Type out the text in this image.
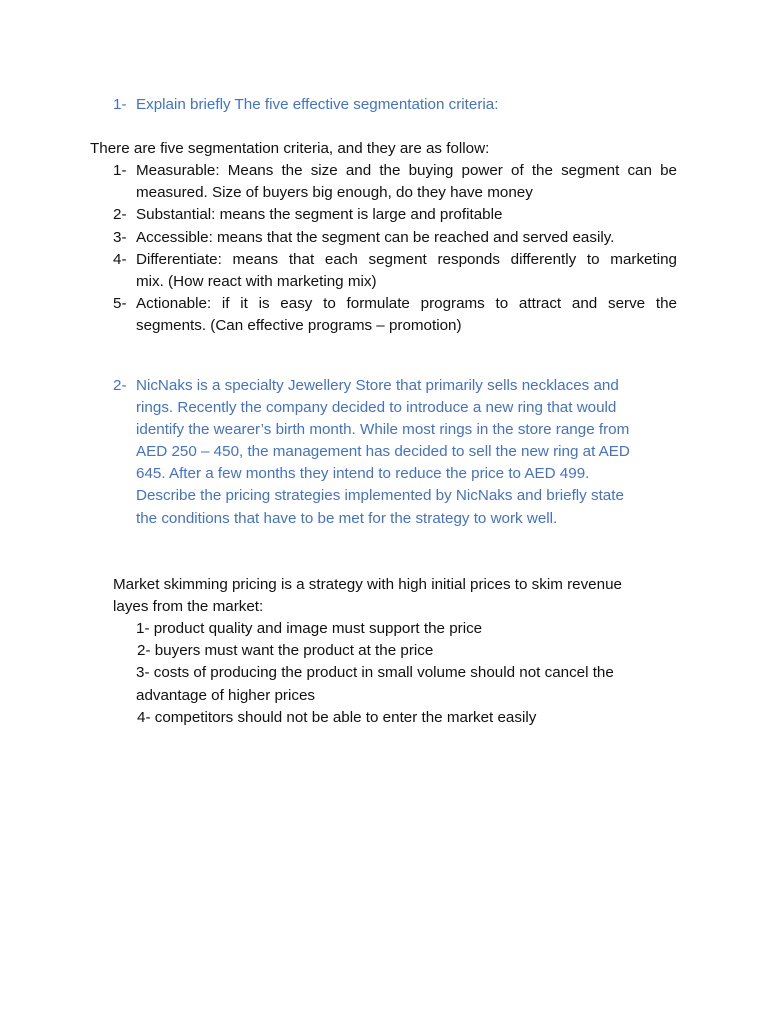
1- Explain briefly The five effective segmentation criteria:
There are five segmentation criteria, and they are as follow:
1- Measurable: Means the size and the buying power of the segment can be
measured. Size of buyers big enough, do they have money
2- Substantial: means the segment is large and profitable
3- Accessible: means that the segment can be reached and served easily.
4- Differentiate: means that each segment responds differently to marketing
mix. (How react with marketing mix)
5- Actionable: if it is easy to formulate programs to attract and serve the
segments. (Can effective programs – promotion)
2- NicNaks is a specialty Jewellery Store that primarily sells necklaces and
rings. Recently the company decided to introduce a new ring that would
identify the wearer’s birth month. While most rings in the store range from
AED 250 – 450, the management has decided to sell the new ring at AED
645. After a few months they intend to reduce the price to AED 499.
Describe the pricing strategies implemented by NicNaks and briefly state
the conditions that have to be met for the strategy to work well.
Market skimming pricing is a strategy with high initial prices to skim revenue
layes from the market:
1- product quality and image must support the price
2- buyers must want the product at the price
3- costs of producing the product in small volume should not cancel the
advantage of higher prices
4- competitors should not be able to enter the market easily
